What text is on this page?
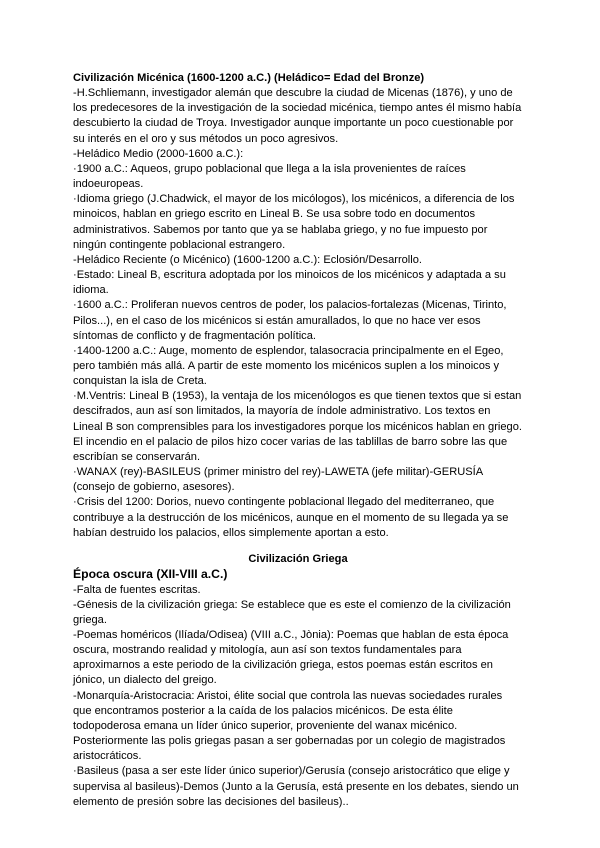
Civilización Micénica (1600-1200 a.C.) (Heládico= Edad del Bronze)

-H.Schliemann, investigador alemán que descubre la ciudad de Micenas (1876), y uno de los predecesores de la investigación de la sociedad micénica, tiempo antes él mismo había descubierto la ciudad de Troya. Investigador aunque importante un poco cuestionable por su interés en el oro y sus métodos un poco agresivos.

-Heládico Medio (2000-1600 a.C.):

·1900 a.C.: Aqueos, grupo poblacional que llega a la isla provenientes de raíces indoeuropeas.

·Idioma griego (J.Chadwick, el mayor de los micólogos), los micénicos, a diferencia de los minoicos, hablan en griego escrito en Lineal B. Se usa sobre todo en documentos administrativos. Sabemos por tanto que ya se hablaba griego, y no fue impuesto por ningún contingente poblacional estrangero.

-Heládico Reciente (o Micénico) (1600-1200 a.C.): Eclosión/Desarrollo.

·Estado: Lineal B, escritura adoptada por los minoicos de los micénicos y adaptada a su idioma.

·1600 a.C.: Proliferan nuevos centros de poder, los palacios-fortalezas (Micenas, Tirinto, Pilos...), en el caso de los micénicos si están amurallados, lo que no hace ver esos síntomas de conflicto y de fragmentación política.

·1400-1200 a.C.: Auge, momento de esplendor, talasocracia principalmente en el Egeo, pero también más allá. A partir de este momento los micénicos suplen a los minoicos y conquistan la isla de Creta.

·M.Ventris: Lineal B (1953), la ventaja de los micenólogos es que tienen textos que si estan descifrados, aun así son limitados, la mayoría de índole administrativo. Los textos en Lineal B son comprensibles para los investigadores porque los micénicos hablan en griego.

El incendio en el palacio de pilos hizo cocer varias de las tablillas de barro sobre las que escribían se conservarán.

·WANAX (rey)-BASILEUS (primer ministro del rey)-LAWETA (jefe militar)-GERUSÍA (consejo de gobierno, asesores).

·Crisis del 1200: Dorios, nuevo contingente poblacional llegado del mediterraneo, que contribuye a la destrucción de los micénicos, aunque en el momento de su llegada ya se habían destruido los palacios, ellos simplemente aportan a esto.

Civilización Griega

Época oscura (XII-VIII a.C.)

-Falta de fuentes escritas.

-Génesis de la civilización griega: Se establece que es este el comienzo de la civilización griega.

-Poemas homéricos (Ilíada/Odisea) (VIII a.C., Jònia): Poemas que hablan de esta época oscura, mostrando realidad y mitología, aun así son textos fundamentales para aproximarnos a este periodo de la civilización griega, estos poemas están escritos en jónico, un dialecto del greigo.

-Monarquía-Aristocracia: Aristoi, élite social que controla las nuevas sociedades rurales que encontramos posterior a la caída de los palacios micénicos. De esta élite todopoderosa emana un líder único superior, proveniente del wanax micénico. Posteriormente las polis griegas pasan a ser gobernadas por un colegio de magistrados aristocráticos.

·Basileus (pasa a ser este líder único superior)/Gerusía (consejo aristocrático que elige y supervisa al basileus)-Demos (Junto a la Gerusía, está presente en los debates, siendo un elemento de presión sobre las decisiones del basileus)..
